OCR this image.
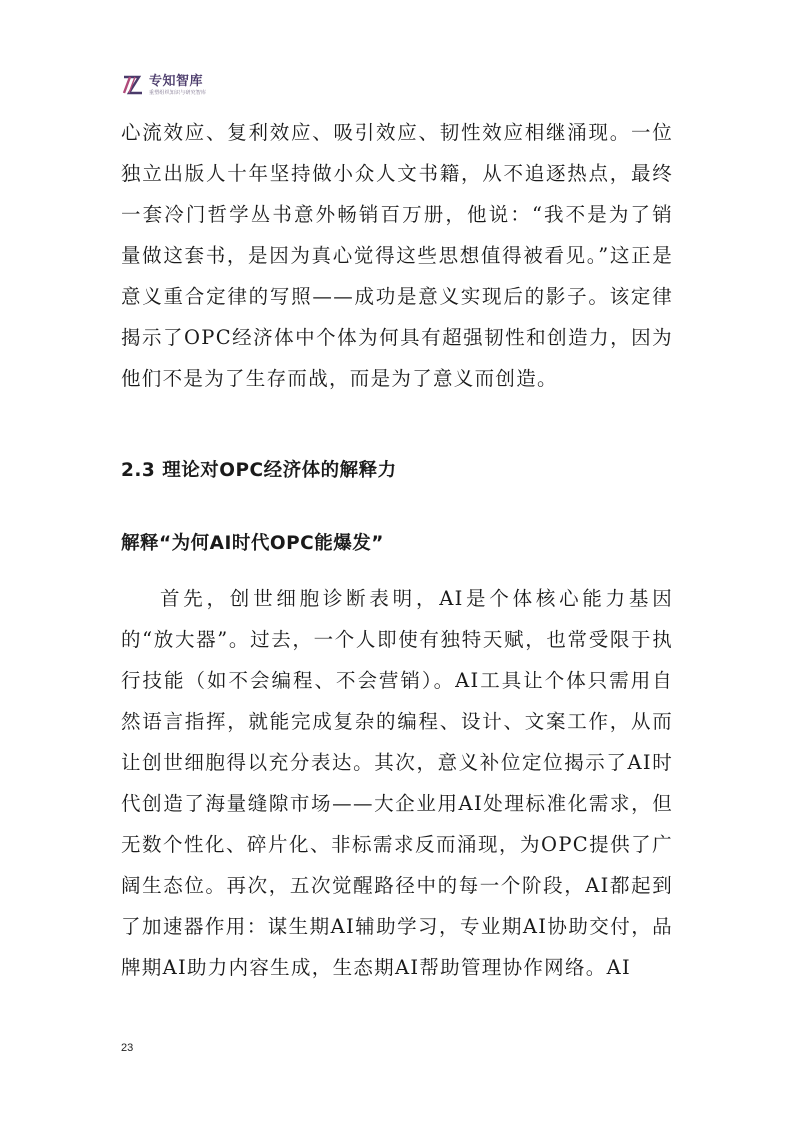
专知智库
重塑组织知识与研究智库

心流效应、复利效应、吸引效应、韧性效应相继涌现。一位独立出版人十年坚持做小众人文书籍，从不追逐热点，最终一套冷门哲学丛书意外畅销百万册，他说：“我不是为了销量做这套书，是因为真心觉得这些思想值得被看见。”这正是意义重合定律的写照——成功是意义实现后的影子。该定律揭示了OPC经济体中个体为何具有超强韧性和创造力，因为他们不是为了生存而战，而是为了意义而创造。

2.3 理论对OPC经济体的解释力
解释“为何AI时代OPC能爆发”

首先，创世细胞诊断表明，AI是个体核心能力基因的“放大器”。过去，一个人即使有独特天赋，也常受限于执行技能（如不会编程、不会营销）。AI工具让个体只需用自然语言指挥，就能完成复杂的编程、设计、文案工作，从而让创世细胞得以充分表达。其次，意义补位定位揭示了AI时代创造了海量缝隙市场——大企业用AI处理标准化需求，但无数个性化、碎片化、非标需求反而涌现，为OPC提供了广阔生态位。再次，五次觉醒路径中的每一个阶段，AI都起到了加速器作用：谋生期AI辅助学习，专业期AI协助交付，品牌期AI助力内容生成，生态期AI帮助管理协作网络。AI

23
